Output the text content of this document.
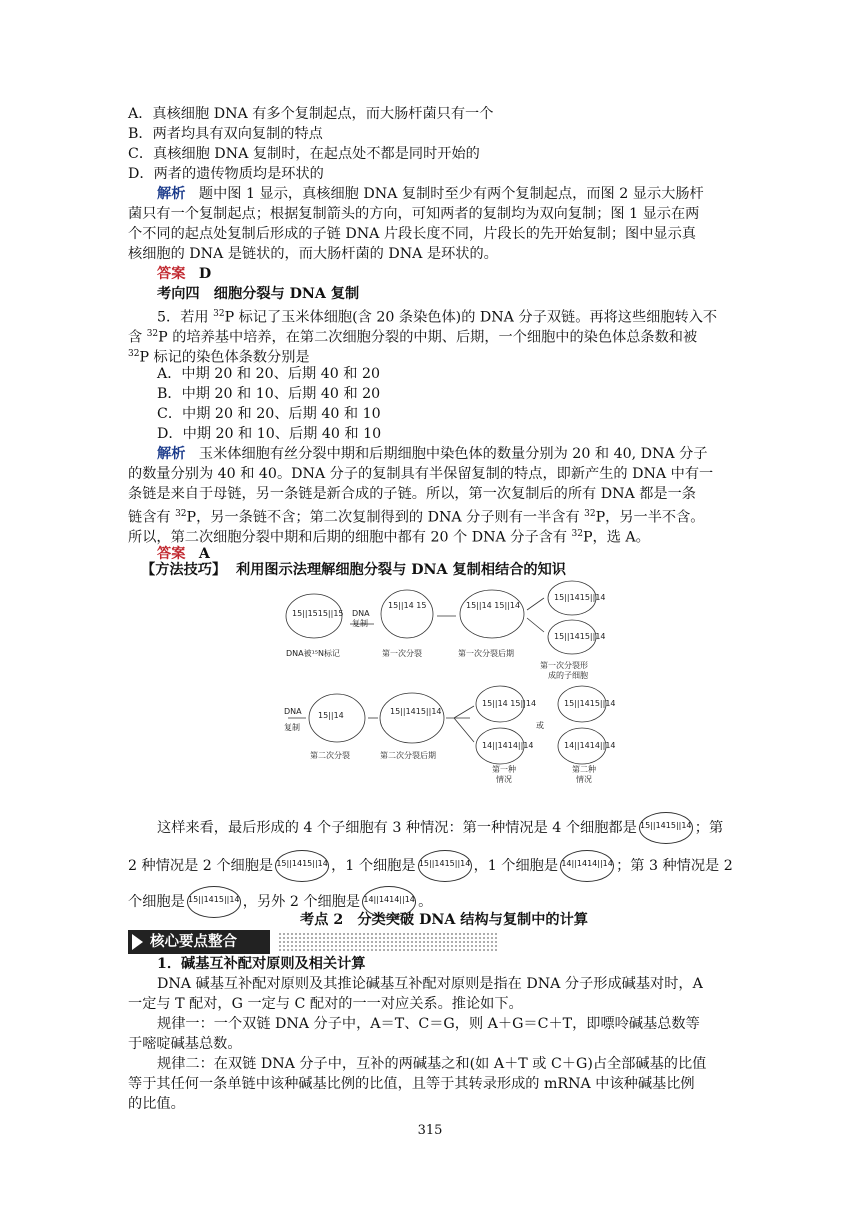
A．真核细胞 DNA 有多个复制起点，而大肠杆菌只有一个
B．两者均具有双向复制的特点
C．真核细胞 DNA 复制时，在起点处不都是同时开始的
D．两者的遗传物质均是环状的
解析 题中图 1 显示，真核细胞 DNA 复制时至少有两个复制起点，而图 2 显示大肠杆
菌只有一个复制起点；根据复制箭头的方向，可知两者的复制均为双向复制；图 1 显示在两
个不同的起点处复制后形成的子链 DNA 片段长度不同，片段长的先开始复制；图中显示真
核细胞的 DNA 是链状的，而大肠杆菌的 DNA 是环状的。
答案 D
考向四　细胞分裂与 DNA 复制
5．若用 $^{32}$P 标记了玉米体细胞(含 20 条染色体)的 DNA 分子双链。再将这些细胞转入不
含 $^{32}$P 的培养基中培养，在第二次细胞分裂的中期、后期，一个细胞中的染色体总条数和被
$^{32}$P 标记的染色体条数分别是
A．中期 20 和 20、后期 40 和 20
B．中期 20 和 10、后期 40 和 20
C．中期 20 和 20、后期 40 和 10
D．中期 20 和 10、后期 40 和 10
解析 玉米体细胞有丝分裂中期和后期细胞中染色体的数量分别为 20 和 40, DNA 分子
的数量分别为 40 和 40。DNA 分子的复制具有半保留复制的特点，即新产生的 DNA 中有一
条链是来自于母链，另一条链是新合成的子链。所以，第一次复制后的所有 DNA 都是一条
链含有 $^{32}$P，另一条链不含；第二次复制得到的 DNA 分子则有一半含有 $^{32}$P，另一半不含。
所以，第二次细胞分裂中期和后期的细胞中都有 20 个 DNA 分子含有 $^{32}$P，选 A。
答案 A
【方法技巧】 利用图示法理解细胞分裂与 DNA 复制相结合的知识
15||1515||15
15||14 15	15||14 15||14
15||1415||14
15||1415||14
15||14	15||1415||14
15||14 15||14
14||1414||14
15||1415||14
14||1414||14
DNA
复制
DNA
复制
DNA被¹⁵N标记	第一次分裂	第一次分裂后期
第一次分裂形
成的子细胞
第二次分裂	第二次分裂后期
第一种
情况
第二种
情况
或
这样来看，最后形成的 4 个子细胞有 3 种情况：第一种情况是 4 个细胞都是 15||1415||14 ；第
2 种情况是 2 个细胞是 15||1415||14 ，1 个细胞是 15||1415||14 ，1 个细胞是 14||1414||14 ；第 3 种情况是 2
个细胞是 15||1415||14 ，另外 2 个细胞是 14||1414||14 。
考点 2　分类突破 DNA 结构与复制中的计算
核心要点整合
1．碱基互补配对原则及相关计算
DNA 碱基互补配对原则及其推论碱基互补配对原则是指在 DNA 分子形成碱基对时，A
一定与 T 配对，G 一定与 C 配对的一一对应关系。推论如下。
规律一：一个双链 DNA 分子中，A＝T、C＝G，则 A＋G＝C＋T，即嘌呤碱基总数等
于嘧啶碱基总数。
规律二：在双链 DNA 分子中，互补的两碱基之和(如 A＋T 或 C＋G)占全部碱基的比值
等于其任何一条单链中该种碱基比例的比值，且等于其转录形成的 mRNA 中该种碱基比例
的比值。
315
